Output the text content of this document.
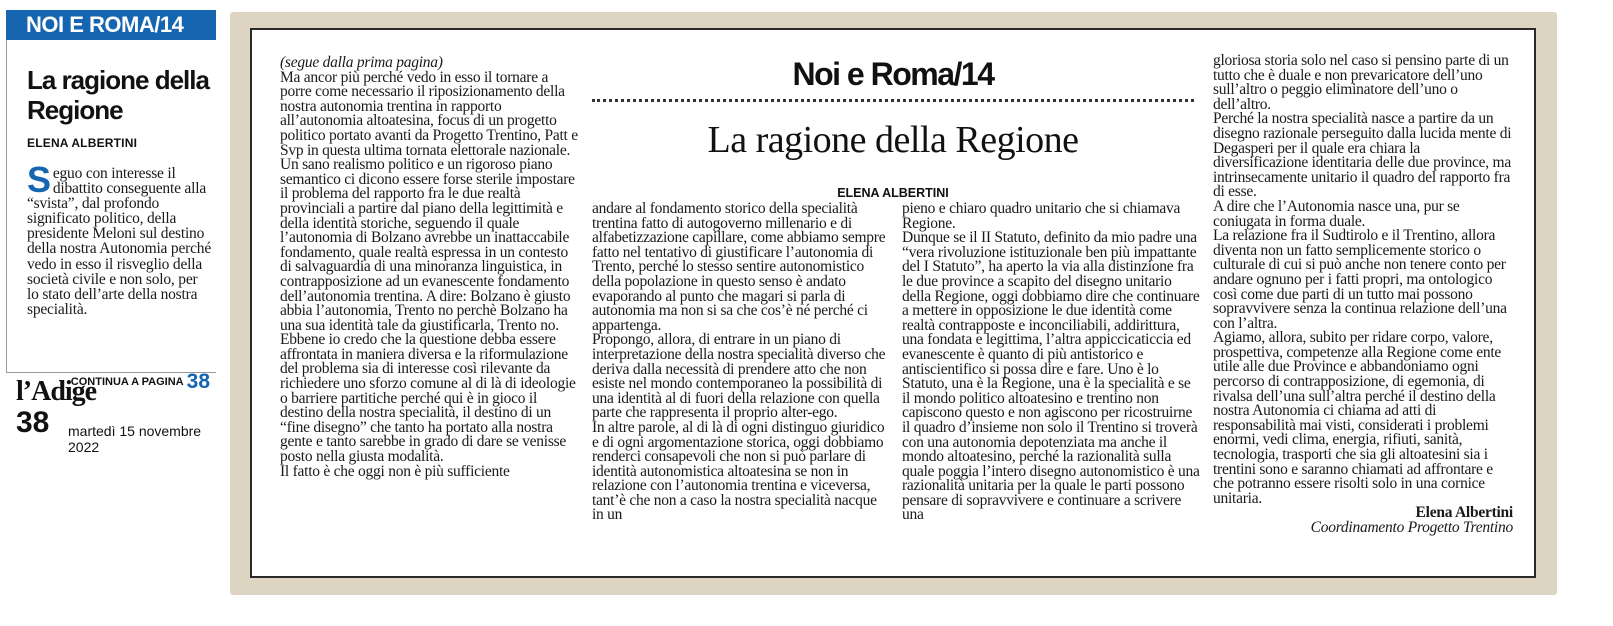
NOI E ROMA/14
La ragione della Regione
ELENA ALBERTINI
Seguo con interesse il dibattito conseguente alla “svista”, dal profondo significato politico, della presidente Meloni sul destino della nostra Autonomia perché vedo in esso il risveglio della società civile e non solo, per lo stato dell’arte della nostra specialità.
CONTINUA A PAGINA 38
l’Adige
38 martedì 15 novembre 2022

(segue dalla prima pagina)

Ma ancor più perché vedo in esso il tornare a porre come necessario il riposizionamento della nostra autonomia trentina in rapporto all’autonomia altoatesina, focus di un progetto politico portato avanti da Progetto Trentino, Patt e Svp in questa ultima tornata elettorale nazionale.

Un sano realismo politico e un rigoroso piano semantico ci dicono essere forse sterile impostare il problema del rapporto fra le due realtà provinciali a partire dal piano della legittimità e della identità storiche, seguendo il quale l’autonomia di Bolzano avrebbe un inattaccabile fondamento, quale realtà espressa in un contesto di salvaguardia di una minoranza linguistica, in contrapposizione ad un evanescente fondamento dell’autonomia trentina. A dire: Bolzano è giusto abbia l’autonomia, Trento no perchè Bolzano ha una sua identità tale da giustificarla, Trento no. Ebbene io credo che la questione debba essere affrontata in maniera diversa e la riformulazione del problema sia di interesse così rilevante da richiedere uno sforzo comune al di là di ideologie o barriere partitiche perché qui è in gioco il destino della nostra specialità, il destino di un “fine disegno” che tanto ha portato alla nostra gente e tanto sarebbe in grado di dare se venisse posto nella giusta modalità.

Il fatto è che oggi non è più sufficiente

Noi e Roma/14
La ragione della Regione
ELENA ALBERTINI

andare al fondamento storico della specialità trentina fatto di autogoverno millenario e di alfabetizzazione capillare, come abbiamo sempre fatto nel tentativo di giustificare l’autonomia di Trento, perché lo stesso sentire autonomistico della popolazione in questo senso è andato evaporando al punto che magari si parla di autonomia ma non si sa che cos’è né perché ci appartenga.

Propongo, allora, di entrare in un piano di interpretazione della nostra specialità diverso che deriva dalla necessità di prendere atto che non esiste nel mondo contemporaneo la possibilità di una identità al di fuori della relazione con quella parte che rappresenta il proprio alter-ego.

In altre parole, al di là di ogni distinguo giuridico e di ogni argomentazione storica, oggi dobbiamo renderci consapevoli che non si può parlare di identità autonomistica altoatesina se non in relazione con l’autonomia trentina e viceversa, tant’è che non a caso la nostra specialità nacque in un

pieno e chiaro quadro unitario che si chiamava Regione.

Dunque se il II Statuto, definito da mio padre una “vera rivoluzione istituzionale ben più impattante del I Statuto”, ha aperto la via alla distinzione fra le due province a scapito del disegno unitario della Regione, oggi dobbiamo dire che continuare a mettere in opposizione le due identità come realtà contrapposte e inconciliabili, addirittura, una fondata e legittima, l’altra appiccicaticcia ed evanescente è quanto di più antistorico e antiscientifico si possa dire e fare. Uno è lo Statuto, una è la Regione, una è la specialità e se il mondo politico altoatesino e trentino non capiscono questo e non agiscono per ricostruirne il quadro d’insieme non solo il Trentino si troverà con una autonomia depotenziata ma anche il mondo altoatesino, perché la razionalità sulla quale poggia l’intero disegno autonomistico è una razionalità unitaria per la quale le parti possono pensare di sopravvivere e continuare a scrivere una

gloriosa storia solo nel caso si pensino parte di un tutto che è duale e non prevaricatore dell’uno sull’altro o peggio eliminatore dell’uno o dell’altro.

Perché la nostra specialità nasce a partire da un disegno razionale perseguito dalla lucida mente di Degasperi per il quale era chiara la diversificazione identitaria delle due province, ma intrinsecamente unitario il quadro del rapporto fra di esse.

A dire che l’Autonomia nasce una, pur se coniugata in forma duale.

La relazione fra il Sudtirolo e il Trentino, allora diventa non un fatto semplicemente storico o culturale di cui si può anche non tenere conto per andare ognuno per i fatti propri, ma ontologico così come due parti di un tutto mai possono sopravvivere senza la continua relazione dell’una con l’altra.

Agiamo, allora, subito per ridare corpo, valore, prospettiva, competenze alla Regione come ente utile alle due Province e abbandoniamo ogni percorso di contrapposizione, di egemonia, di rivalsa dell’una sull’altra perché il destino della nostra Autonomia ci chiama ad atti di responsabilità mai visti, considerati i problemi enormi, vedi clima, energia, rifiuti, sanità, tecnologia, trasporti che sia gli altoatesini sia i trentini sono e saranno chiamati ad affrontare e che potranno essere risolti solo in una cornice unitaria.

Elena Albertini

Coordinamento Progetto Trentino
